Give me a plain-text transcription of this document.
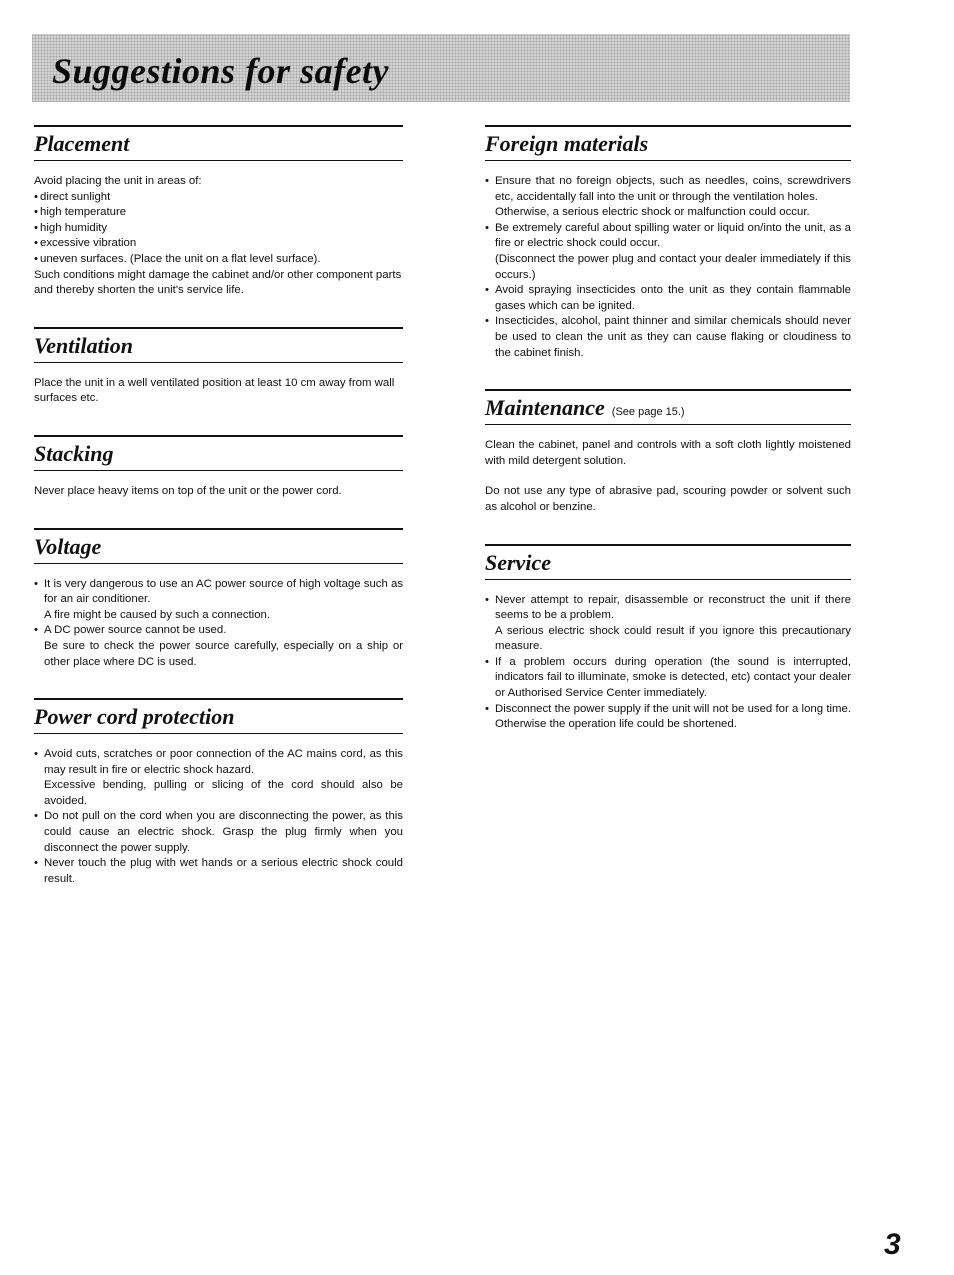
Suggestions for safety
Placement

Avoid placing the unit in areas of:

• direct sunlight
• high temperature
• high humidity
• excessive vibration
• uneven surfaces. (Place the unit on a flat level surface).

Such conditions might damage the cabinet and/or other component parts and thereby shorten the unit's service life.

Ventilation

Place the unit in a well ventilated position at least 10 cm away from wall surfaces etc.

Stacking

Never place heavy items on top of the unit or the power cord.

Voltage
• It is very dangerous to use an AC power source of high voltage such as for an air conditioner.
A fire might be caused by such a connection.
• A DC power source cannot be used.
Be sure to check the power source carefully, especially on a ship or other place where DC is used.
Power cord protection
• Avoid cuts, scratches or poor connection of the AC mains cord, as this may result in fire or electric shock hazard.
Excessive bending, pulling or slicing of the cord should also be avoided.
• Do not pull on the cord when you are disconnecting the power, as this could cause an electric shock. Grasp the plug firmly when you disconnect the power supply.
• Never touch the plug with wet hands or a serious electric shock could result.
Foreign materials
• Ensure that no foreign objects, such as needles, coins, screwdrivers etc, accidentally fall into the unit or through the ventilation holes.
Otherwise, a serious electric shock or malfunction could occur.
• Be extremely careful about spilling water or liquid on/into the unit, as a fire or electric shock could occur.
(Disconnect the power plug and contact your dealer immediately if this occurs.)
• Avoid spraying insecticides onto the unit as they contain flammable gases which can be ignited.
• Insecticides, alcohol, paint thinner and similar chemicals should never be used to clean the unit as they can cause flaking or cloudiness to the cabinet finish.
Maintenance (See page 15.)

Clean the cabinet, panel and controls with a soft cloth lightly moistened with mild detergent solution.

Do not use any type of abrasive pad, scouring powder or solvent such as alcohol or benzine.

Service
• Never attempt to repair, disassemble or reconstruct the unit if there seems to be a problem.
A serious electric shock could result if you ignore this precautionary measure.
• If a problem occurs during operation (the sound is interrupted, indicators fail to illuminate, smoke is detected, etc) contact your dealer or Authorised Service Center immediately.
• Disconnect the power supply if the unit will not be used for a long time. Otherwise the operation life could be shortened.
3
